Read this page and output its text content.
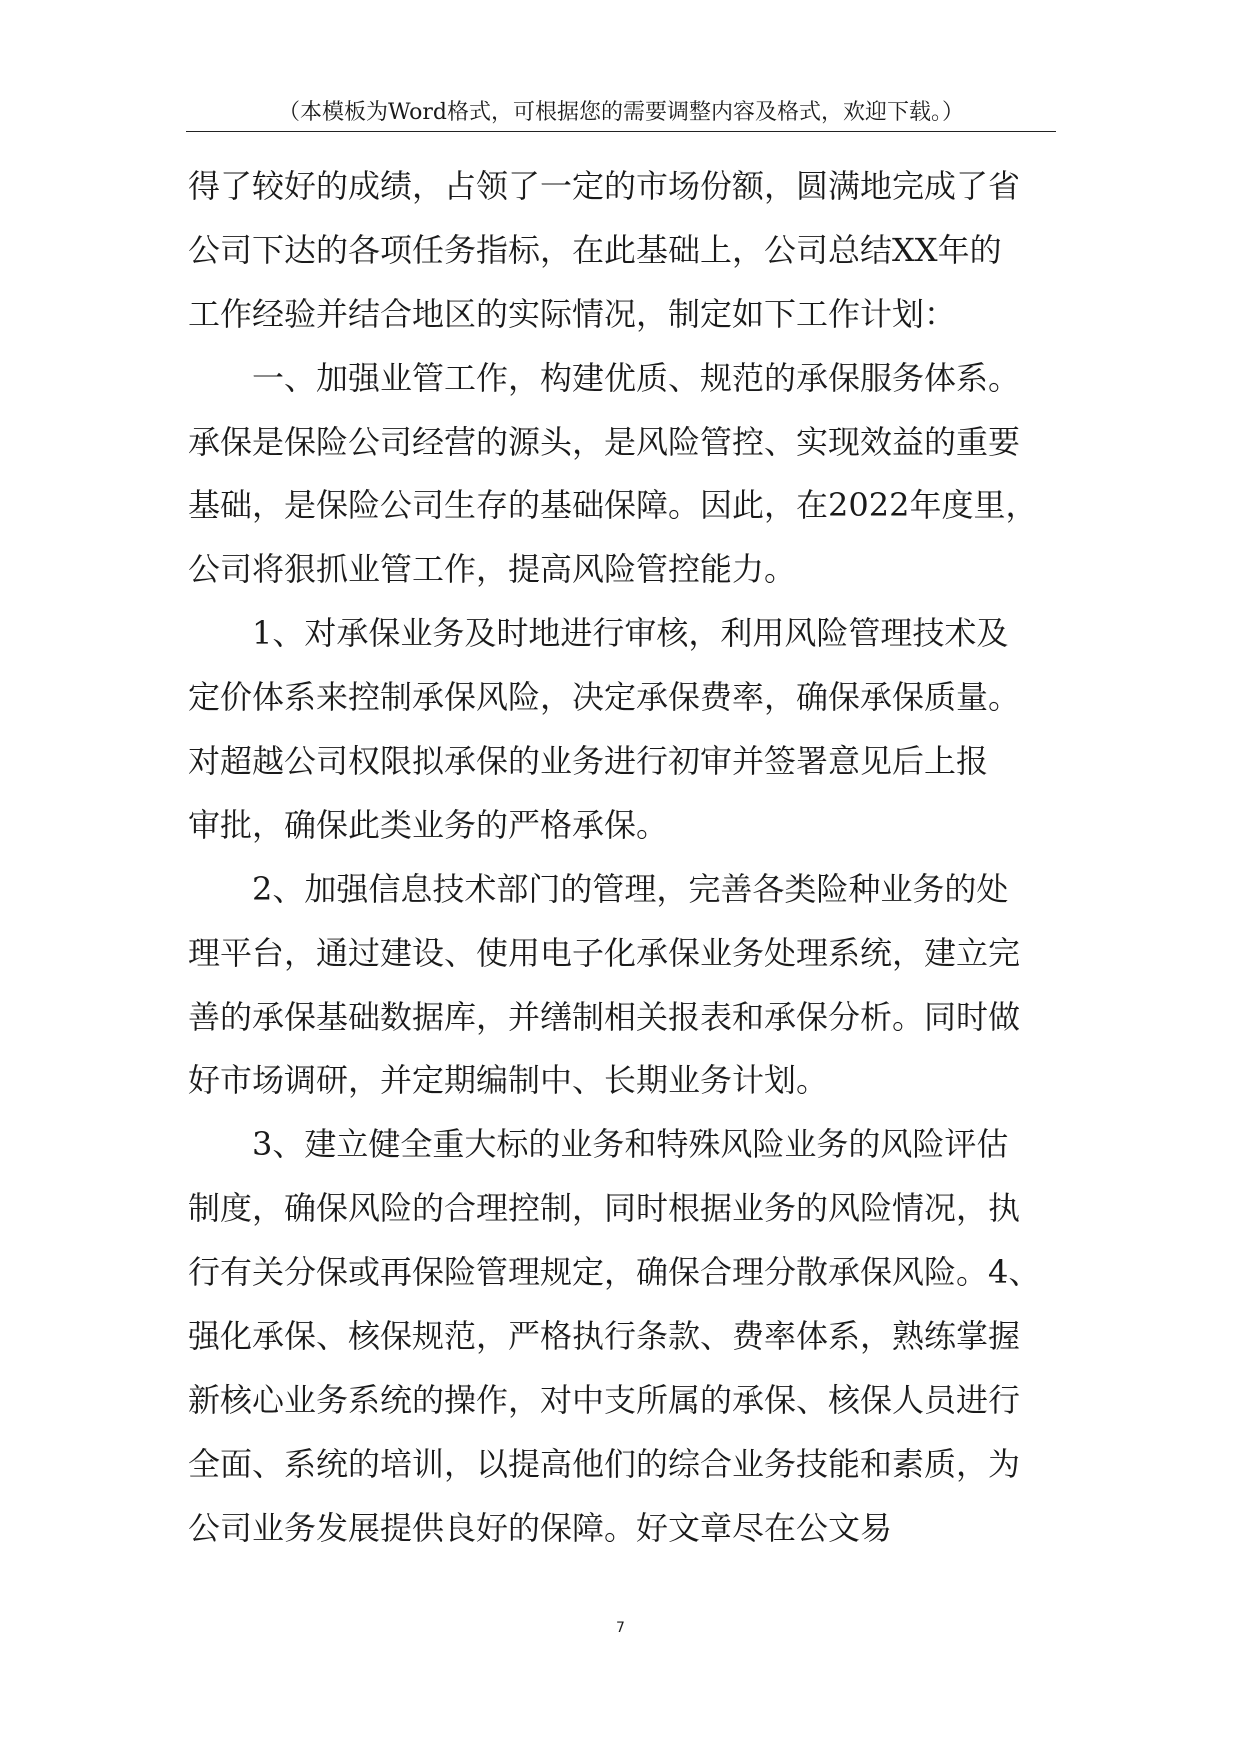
（本模板为Word格式，可根据您的需要调整内容及格式，欢迎下载。）
得了较好的成绩，占领了一定的市场份额，圆满地完成了省
公司下达的各项任务指标，在此基础上，公司总结XX年的
工作经验并结合地区的实际情况，制定如下工作计划：
　　一、加强业管工作，构建优质、规范的承保服务体系。
承保是保险公司经营的源头，是风险管控、实现效益的重要
基础，是保险公司生存的基础保障。因此，在2022年度里，
公司将狠抓业管工作，提高风险管控能力。
　　1、对承保业务及时地进行审核，利用风险管理技术及
定价体系来控制承保风险，决定承保费率，确保承保质量。
对超越公司权限拟承保的业务进行初审并签署意见后上报
审批，确保此类业务的严格承保。
　　2、加强信息技术部门的管理，完善各类险种业务的处
理平台，通过建设、使用电子化承保业务处理系统，建立完
善的承保基础数据库，并缮制相关报表和承保分析。同时做
好市场调研，并定期编制中、长期业务计划。
　　3、建立健全重大标的业务和特殊风险业务的风险评估
制度，确保风险的合理控制，同时根据业务的风险情况，执
行有关分保或再保险管理规定，确保合理分散承保风险。4、
强化承保、核保规范，严格执行条款、费率体系，熟练掌握
新核心业务系统的操作，对中支所属的承保、核保人员进行
全面、系统的培训，以提高他们的综合业务技能和素质，为
公司业务发展提供良好的保障。好文章尽在公文易
7
